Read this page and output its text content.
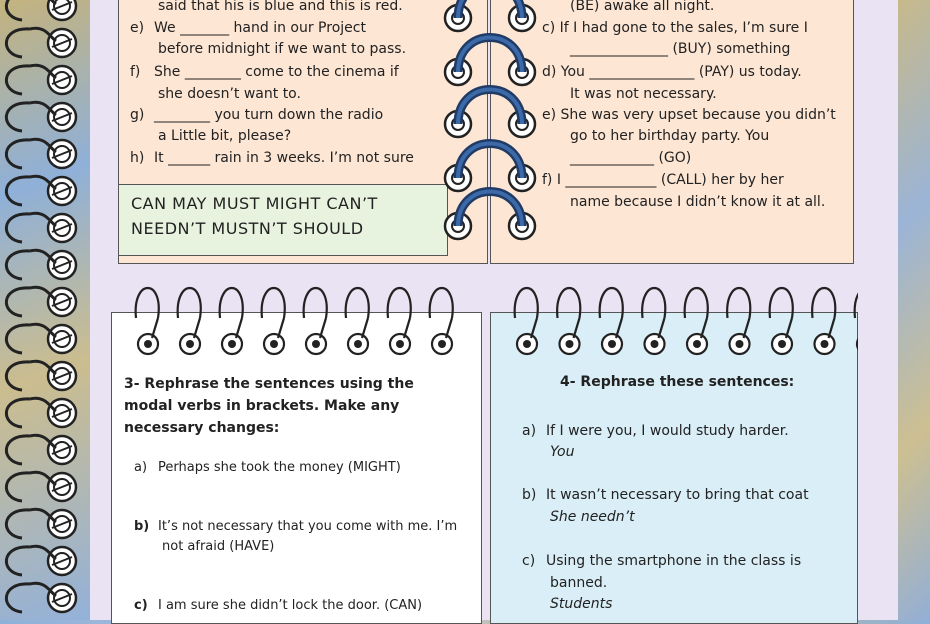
said that his is blue and this is red.
e) We _______ hand in our Project
before midnight if we want to pass.
f) She ________ come to the cinema if
she doesn’t want to.
g) ________ you turn down the radio
a Little bit, please?
h) It ______ rain in 3 weeks. I’m not sure
CAN MAY MUST MIGHT CAN’T
NEEDN’T MUSTN’T SHOULD
(BE) awake all night.
c) If I had gone to the sales, I’m sure I
______________ (BUY) something
d) You _______________ (PAY) us today.
It was not necessary.
e) She was very upset because you didn’t
go to her birthday party. You
____________ (GO)
f) I _____________ (CALL) her by her
name because I didn’t know it at all.
3- Rephrase the sentences using the modal verbs in brackets. Make any necessary changes:
a) Perhaps she took the money (MIGHT)
b) It’s not necessary that you come with me. I’m
not afraid (HAVE)
c) I am sure she didn’t lock the door. (CAN)
4- Rephrase these sentences:
a) If I were you, I would study harder.
You
b) It wasn’t necessary to bring that coat
She needn’t
c) Using the smartphone in the class is
banned.
Students
